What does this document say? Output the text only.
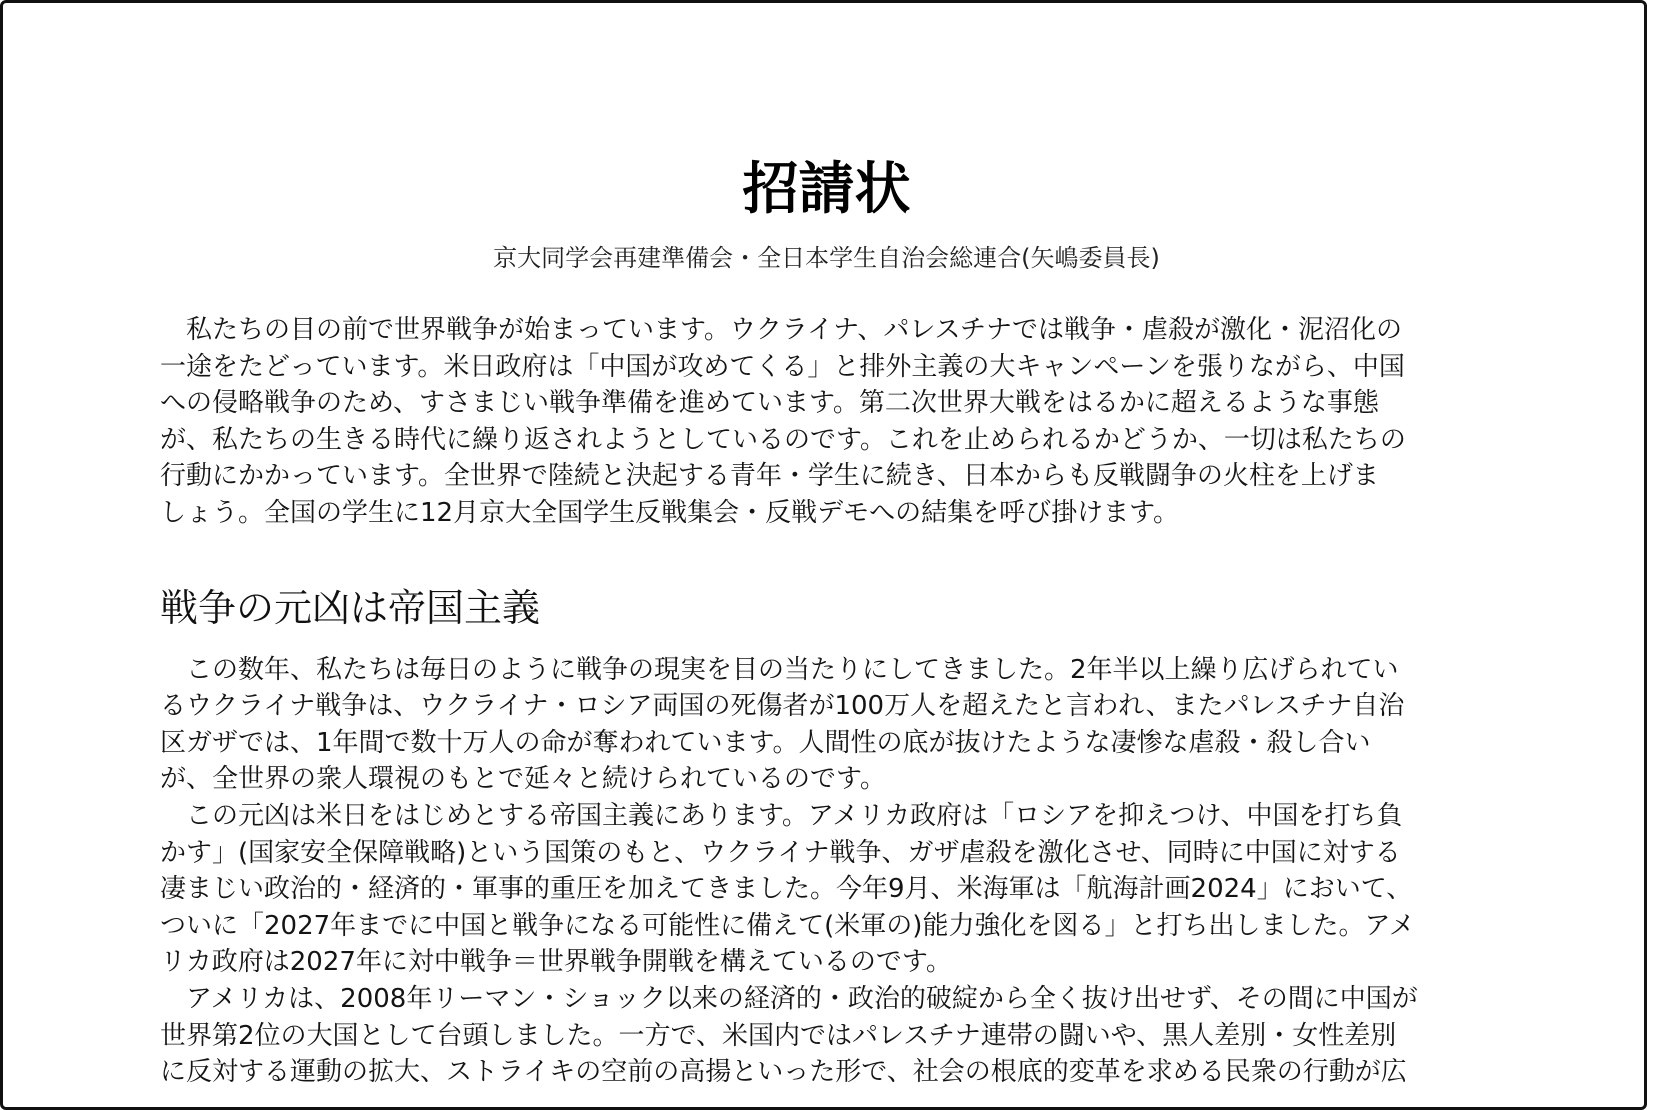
招請状
京大同学会再建準備会・全日本学生自治会総連合(矢嶋委員長)
　私たちの目の前で世界戦争が始まっています。ウクライナ、パレスチナでは戦争・虐殺が激化・泥沼化の
一途をたどっています。米日政府は「中国が攻めてくる」と排外主義の大キャンペーンを張りながら、中国
への侵略戦争のため、すさまじい戦争準備を進めています。第二次世界大戦をはるかに超えるような事態
が、私たちの生きる時代に繰り返されようとしているのです。これを止められるかどうか、一切は私たちの
行動にかかっています。全世界で陸続と決起する青年・学生に続き、日本からも反戦闘争の火柱を上げま
しょう。全国の学生に12月京大全国学生反戦集会・反戦デモへの結集を呼び掛けます。
戦争の元凶は帝国主義
　この数年、私たちは毎日のように戦争の現実を目の当たりにしてきました。2年半以上繰り広げられてい
るウクライナ戦争は、ウクライナ・ロシア両国の死傷者が100万人を超えたと言われ、またパレスチナ自治
区ガザでは、1年間で数十万人の命が奪われています。人間性の底が抜けたような凄惨な虐殺・殺し合い
が、全世界の衆人環視のもとで延々と続けられているのです。
　この元凶は米日をはじめとする帝国主義にあります。アメリカ政府は「ロシアを抑えつけ、中国を打ち負
かす」(国家安全保障戦略)という国策のもと、ウクライナ戦争、ガザ虐殺を激化させ、同時に中国に対する
凄まじい政治的・経済的・軍事的重圧を加えてきました。今年9月、米海軍は「航海計画2024」において、
ついに「2027年までに中国と戦争になる可能性に備えて(米軍の)能力強化を図る」と打ち出しました。アメ
リカ政府は2027年に対中戦争＝世界戦争開戦を構えているのです。
　アメリカは、2008年リーマン・ショック以来の経済的・政治的破綻から全く抜け出せず、その間に中国が
世界第2位の大国として台頭しました。一方で、米国内ではパレスチナ連帯の闘いや、黒人差別・女性差別
に反対する運動の拡大、ストライキの空前の高揚といった形で、社会の根底的変革を求める民衆の行動が広
